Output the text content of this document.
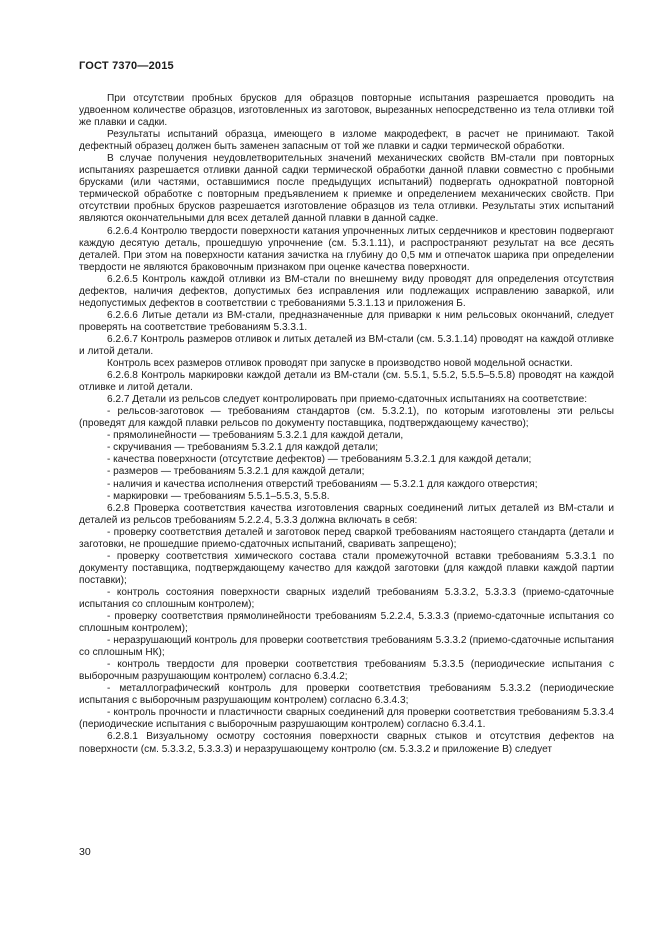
ГОСТ 7370—2015

При отсутствии пробных брусков для образцов повторные испытания разрешается проводить на удвоенном количестве образцов, изготовленных из заготовок, вырезанных непосредственно из тела отливки той же плавки и садки.

Результаты испытаний образца, имеющего в изломе макродефект, в расчет не принимают. Такой дефектный образец должен быть заменен запасным от той же плавки и садки термической обработки.

В случае получения неудовлетворительных значений механических свойств ВМ-стали при повторных испытаниях разрешается отливки данной садки термической обработки данной плавки совместно с пробными брусками (или частями, оставшимися после предыдущих испытаний) подвергать однократной повторной термической обработке с повторным предъявлением к приемке и определением механических свойств. При отсутствии пробных брусков разрешается изготовление образцов из тела отливки. Результаты этих испытаний являются окончательными для всех деталей данной плавки в данной садке.

6.2.6.4 Контролю твердости поверхности катания упрочненных литых сердечников и крестовин подвергают каждую десятую деталь, прошедшую упрочнение (см. 5.3.1.11), и распространяют результат на все десять деталей. При этом на поверхности катания зачистка на глубину до 0,5 мм и отпечаток шарика при определении твердости не являются браковочным признаком при оценке качества поверхности.

6.2.6.5 Контроль каждой отливки из ВМ-стали по внешнему виду проводят для определения отсутствия дефектов, наличия дефектов, допустимых без исправления или подлежащих исправлению заваркой, или недопустимых дефектов в соответствии с требованиями 5.3.1.13 и приложения Б.

6.2.6.6 Литые детали из ВМ-стали, предназначенные для приварки к ним рельсовых окончаний, следует проверять на соответствие требованиям 5.3.3.1.

6.2.6.7 Контроль размеров отливок и литых деталей из ВМ-стали (см. 5.3.1.14) проводят на каждой отливке и литой детали.

Контроль всех размеров отливок проводят при запуске в производство новой модельной оснастки.

6.2.6.8 Контроль маркировки каждой детали из ВМ-стали (см. 5.5.1, 5.5.2, 5.5.5–5.5.8) проводят на каждой отливке и литой детали.

6.2.7 Детали из рельсов следует контролировать при приемо-сдаточных испытаниях на соответствие:

- рельсов-заготовок — требованиям стандартов (см. 5.3.2.1), по которым изготовлены эти рельсы (проведят для каждой плавки рельсов по документу поставщика, подтверждающему качество);

- прямолинейности — требованиям 5.3.2.1 для каждой детали,

- скручивания — требованиям 5.3.2.1 для каждой детали;

- качества поверхности (отсутствие дефектов) — требованиям 5.3.2.1 для каждой детали;

- размеров — требованиям 5.3.2.1 для каждой детали;

- наличия и качества исполнения отверстий требованиям — 5.3.2.1 для каждого отверстия;

- маркировки — требованиям 5.5.1–5.5.3, 5.5.8.

6.2.8 Проверка соответствия качества изготовления сварных соединений литых деталей из ВМ-стали и деталей из рельсов требованиям 5.2.2.4, 5.3.3 должна включать в себя:

- проверку соответствия деталей и заготовок перед сваркой требованиям настоящего стандарта (детали и заготовки, не прошедшие приемо-сдаточных испытаний, сваривать запрещено);

- проверку соответствия химического состава стали промежуточной вставки требованиям 5.3.3.1 по документу поставщика, подтверждающему качество для каждой заготовки (для каждой плавки каждой партии поставки);

- контроль состояния поверхности сварных изделий требованиям 5.3.3.2, 5.3.3.3 (приемо-сдаточные испытания со сплошным контролем);

- проверку соответствия прямолинейности требованиям 5.2.2.4, 5.3.3.3 (приемо-сдаточные испытания со сплошным контролем);

- неразрушающий контроль для проверки соответствия требованиям 5.3.3.2 (приемо-сдаточные испытания со сплошным НК);

- контроль твердости для проверки соответствия требованиям 5.3.3.5 (периодические испытания с выборочным разрушающим контролем) согласно 6.3.4.2;

- металлографический контроль для проверки соответствия требованиям 5.3.3.2 (периодические испытания с выборочным разрушающим контролем) согласно 6.3.4.3;

- контроль прочности и пластичности сварных соединений для проверки соответствия требованиям 5.3.3.4 (периодические испытания с выборочным разрушающим контролем) согласно 6.3.4.1.

6.2.8.1 Визуальному осмотру состояния поверхности сварных стыков и отсутствия дефектов на поверхности (см. 5.3.3.2, 5.3.3.3) и неразрушающему контролю (см. 5.3.3.2 и приложение В) следует

30
